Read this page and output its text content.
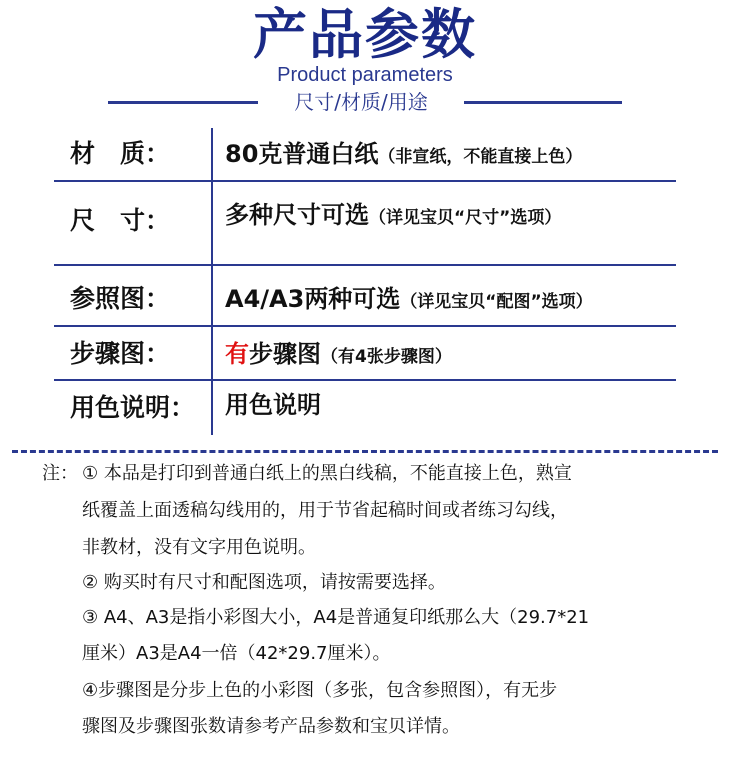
产品参数
Product parameters
尺寸/材质/用途
材　质： 80克普通白纸（非宣纸，不能直接上色）
尺　寸： 多种尺寸可选（详见宝贝“尺寸”选项）
参照图： A4/A3两种可选（详见宝贝“配图”选项）
步骤图： 有步骤图（有4张步骤图）
用色说明： 用色说明
注： ① 本品是打印到普通白纸上的黑白线稿，不能直接上色，熟宣
纸覆盖上面透稿勾线用的，用于节省起稿时间或者练习勾线，
非教材，没有文字用色说明。
② 购买时有尺寸和配图选项，请按需要选择。
③ A4、A3是指小彩图大小，A4是普通复印纸那么大（29.7*21
厘米）A3是A4一倍（42*29.7厘米）。
④步骤图是分步上色的小彩图（多张，包含参照图），有无步
骤图及步骤图张数请参考产品参数和宝贝详情。
